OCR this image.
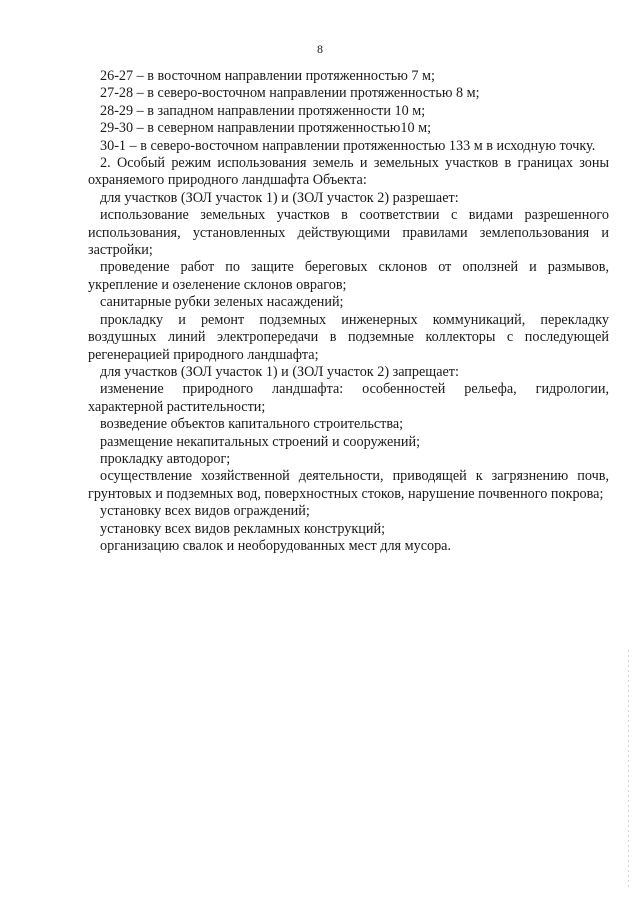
8

26-27 – в восточном направлении протяженностью 7 м;

27-28 – в северо-восточном направлении протяженностью 8 м;

28-29 – в западном направлении протяженности 10 м;

29-30 – в северном направлении протяженностью10 м;

30-1 – в северо-восточном направлении протяженностью 133 м в исходную точку.

2. Особый режим использования земель и земельных участков в границах зоны охраняемого природного ландшафта Объекта:

для участков (ЗОЛ участок 1) и (ЗОЛ участок 2) разрешает:

использование земельных участков в соответствии с видами разрешенного использования, установленных действующими правилами землепользования и застройки;

проведение работ по защите береговых склонов от оползней и размывов, укрепление и озеленение склонов оврагов;

санитарные рубки зеленых насаждений;

прокладку и ремонт подземных инженерных коммуникаций, перекладку воздушных линий электропередачи в подземные коллекторы с последующей регенерацией природного ландшафта;

для участков (ЗОЛ участок 1) и (ЗОЛ участок 2) запрещает:

изменение природного ландшафта: особенностей рельефа, гидрологии, характерной растительности;

возведение объектов капитального строительства;

размещение некапитальных строений и сооружений;

прокладку автодорог;

осуществление хозяйственной деятельности, приводящей к загрязнению почв, грунтовых и подземных вод, поверхностных стоков, нарушение почвенного покрова;

установку всех видов ограждений;

установку всех видов рекламных конструкций;

организацию свалок и необорудованных мест для мусора.
